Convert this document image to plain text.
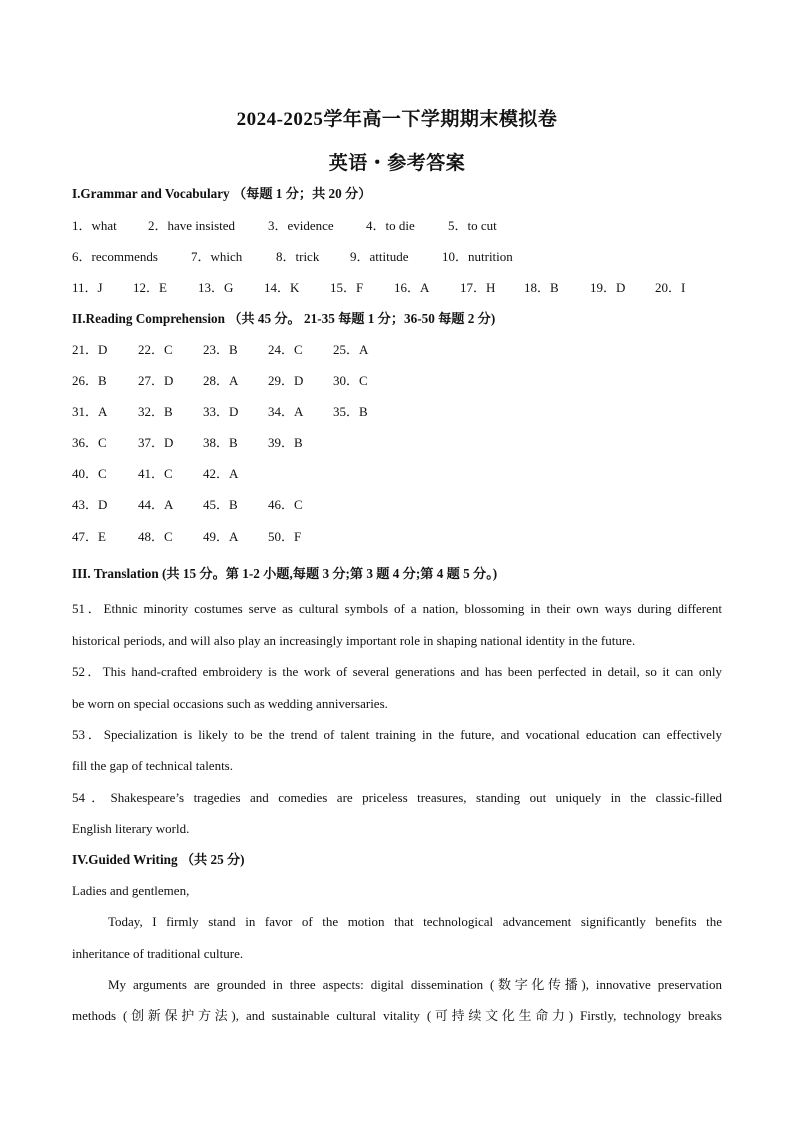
2024-2025学年高一下学期期末模拟卷
英语・参考答案
I.Grammar and Vocabulary （每题 1 分；共 20 分）
1．what	2．have insisted	3．evidence	4．to die	5．to cut
6．recommends	7．which	8．trick	9．attitude	10．nutrition
11．J	12．E	13．G	14．K	15．F	16．A	17．H	18．B	19．D	20．I
II.Reading Comprehension （共 45 分。 21-35 每题 1 分；36-50 每题 2 分)
21．D	22．C	23．B	24．C	25．A
26．B	27．D	28．A	29．D	30．C
31．A	32．B	33．D	34．A	35．B
36．C	37．D	38．B	39．B
40．C	41．C	42．A
43．D	44．A	45．B	46．C
47．E	48．C	49．A	50．F
III. Translation (共 15 分。第 1-2 小题,每题 3 分;第 3 题 4 分;第 4 题 5 分。)
51．Ethnic minority costumes serve as cultural symbols of a nation, blossoming in their own ways during different
historical periods, and will also play an increasingly important role in shaping national identity in the future.
52．This hand-crafted embroidery is the work of several generations and has been perfected in detail, so it can only
be worn on special occasions such as wedding anniversaries.
53．Specialization is likely to be the trend of talent training in the future, and vocational education can effectively
fill the gap of technical talents.
54．Shakespeare’s tragedies and comedies are priceless treasures, standing out uniquely in the classic-filled
English literary world.
IV.Guided Writing （共 25 分)
Ladies and gentlemen,
Today, I firmly stand in favor of the motion that technological advancement significantly benefits the
inheritance of traditional culture.
My arguments are grounded in three aspects: digital dissemination (数字化传播), innovative preservation
methods (创新保护方法), and sustainable cultural vitality (可持续文化生命力) Firstly, technology breaks
